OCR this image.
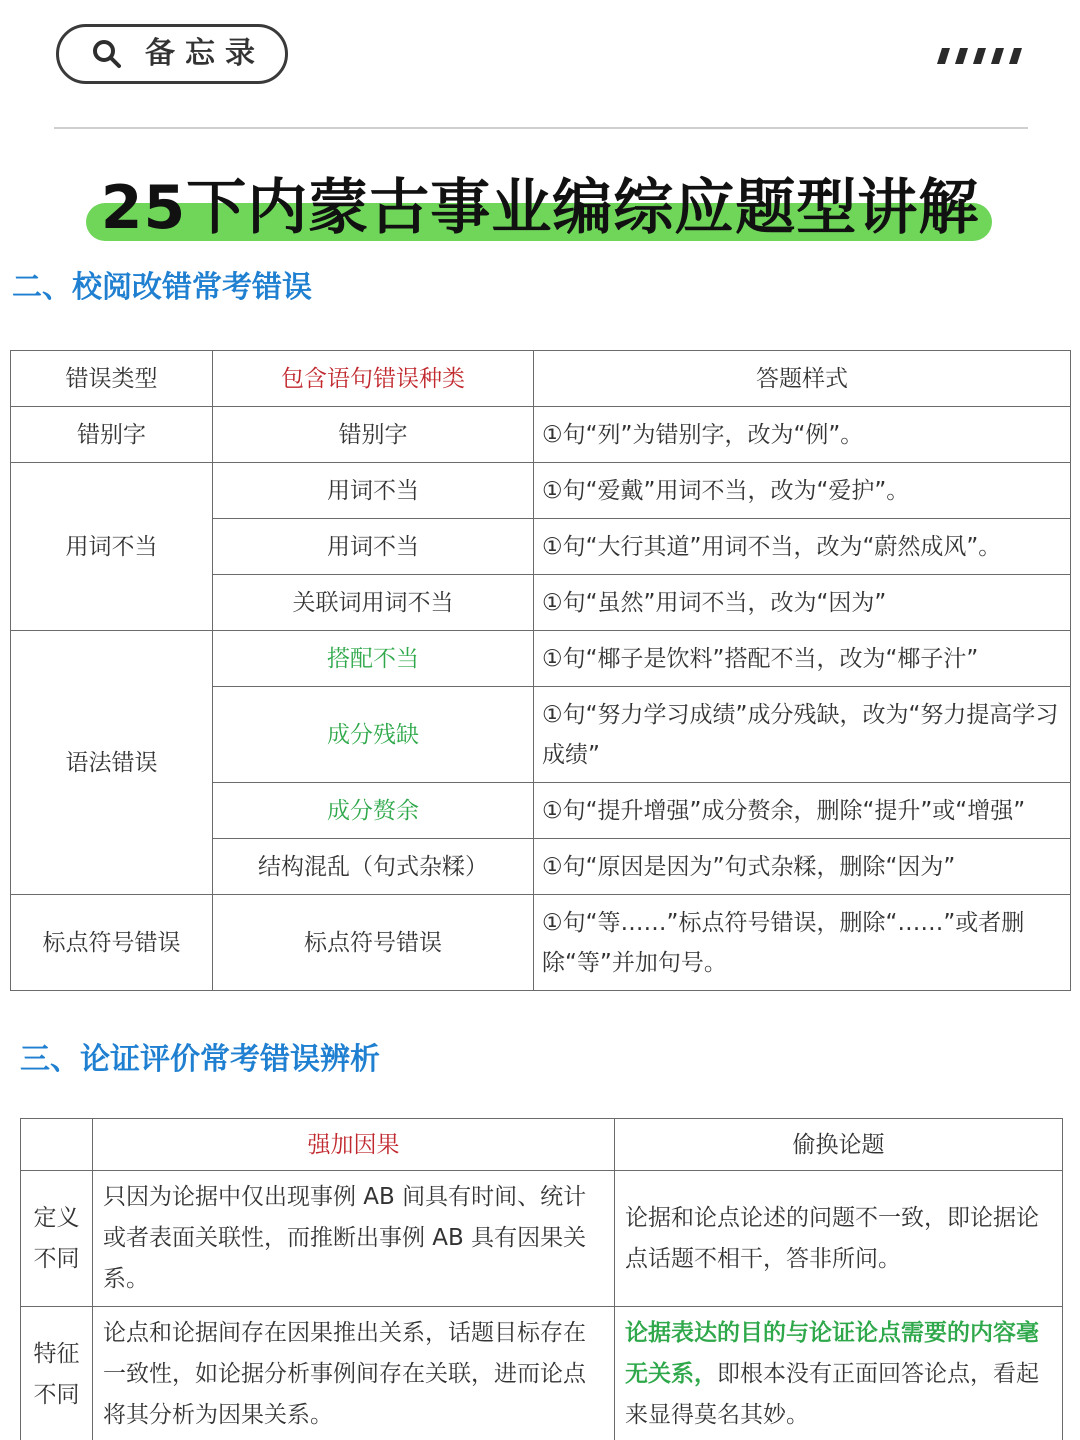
备忘录
25下内蒙古事业编综应题型讲解
二、校阅改错常考错误
错误类型	包含语句错误种类	答题样式
错别字	错别字	①句“列”为错别字，改为“例”。
用词不当	用词不当	①句“爱戴”用词不当，改为“爱护”。
	用词不当	①句“大行其道”用词不当，改为“蔚然成风”。
	关联词用词不当	①句“虽然”用词不当，改为“因为”
语法错误	搭配不当	①句“椰子是饮料”搭配不当，改为“椰子汁”
	成分残缺	①句“努力学习成绩”成分残缺，改为“努力提高学习成绩”
	成分赘余	①句“提升增强”成分赘余，删除“提升”或“增强”
	结构混乱（句式杂糅）	①句“原因是因为”句式杂糅，删除“因为”
标点符号错误	标点符号错误	①句“等……”标点符号错误，删除“……”或者删除“等”并加句号。
三、论证评价常考错误辨析
	强加因果	偷换论题
定义不同	只因为论据中仅出现事例 AB 间具有时间、统计或者表面关联性，而推断出事例 AB 具有因果关系。	论据和论点论述的问题不一致，即论据论点话题不相干，答非所问。
特征不同	论点和论据间存在因果推出关系，话题目标存在一致性，如论据分析事例间存在关联，进而论点将其分析为因果关系。	论据表达的目的与论证论点需要的内容毫无关系，即根本没有正面回答论点，看起来显得莫名其妙。
